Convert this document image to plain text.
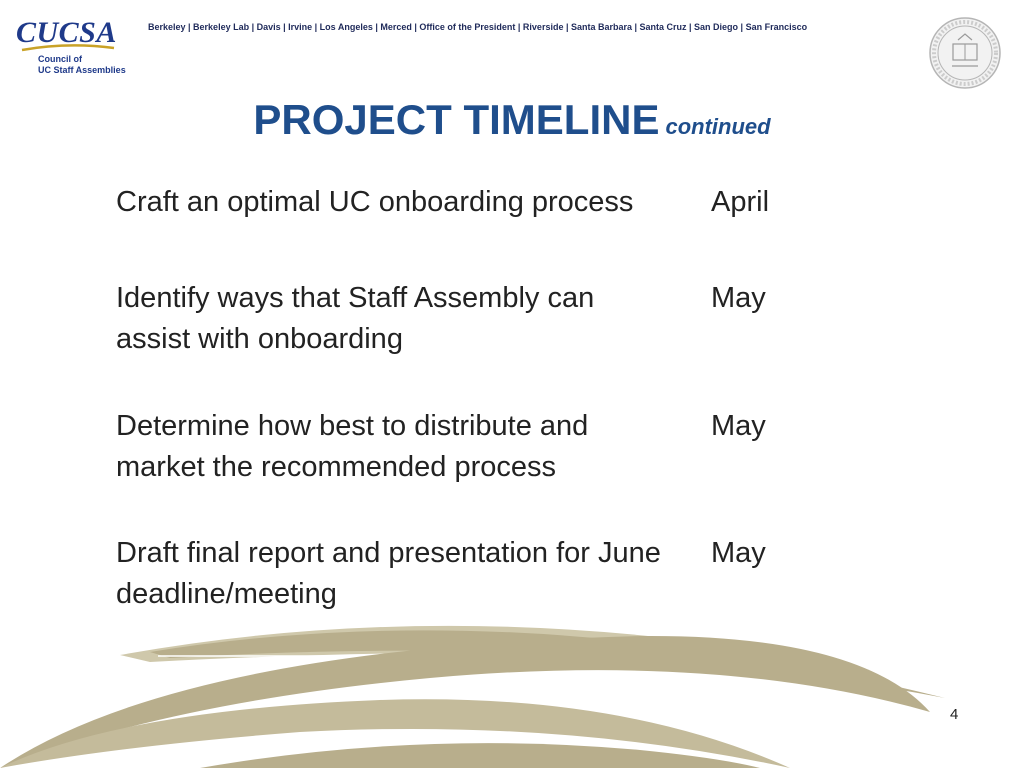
CUCSA
Council of
UC Staff Assemblies
Berkeley | Berkeley Lab | Davis | Irvine | Los Angeles | Merced | Office of the President | Riverside | Santa Barbara | Santa Cruz | San Diego | San Francisco
PROJECT TIMELINE continued
Craft an optimal UC onboarding process	April
Identify ways that Staff Assembly can assist with onboarding
May
Determine how best to distribute and market the recommended process
May
Draft final report and presentation for June deadline/meeting
May
4
